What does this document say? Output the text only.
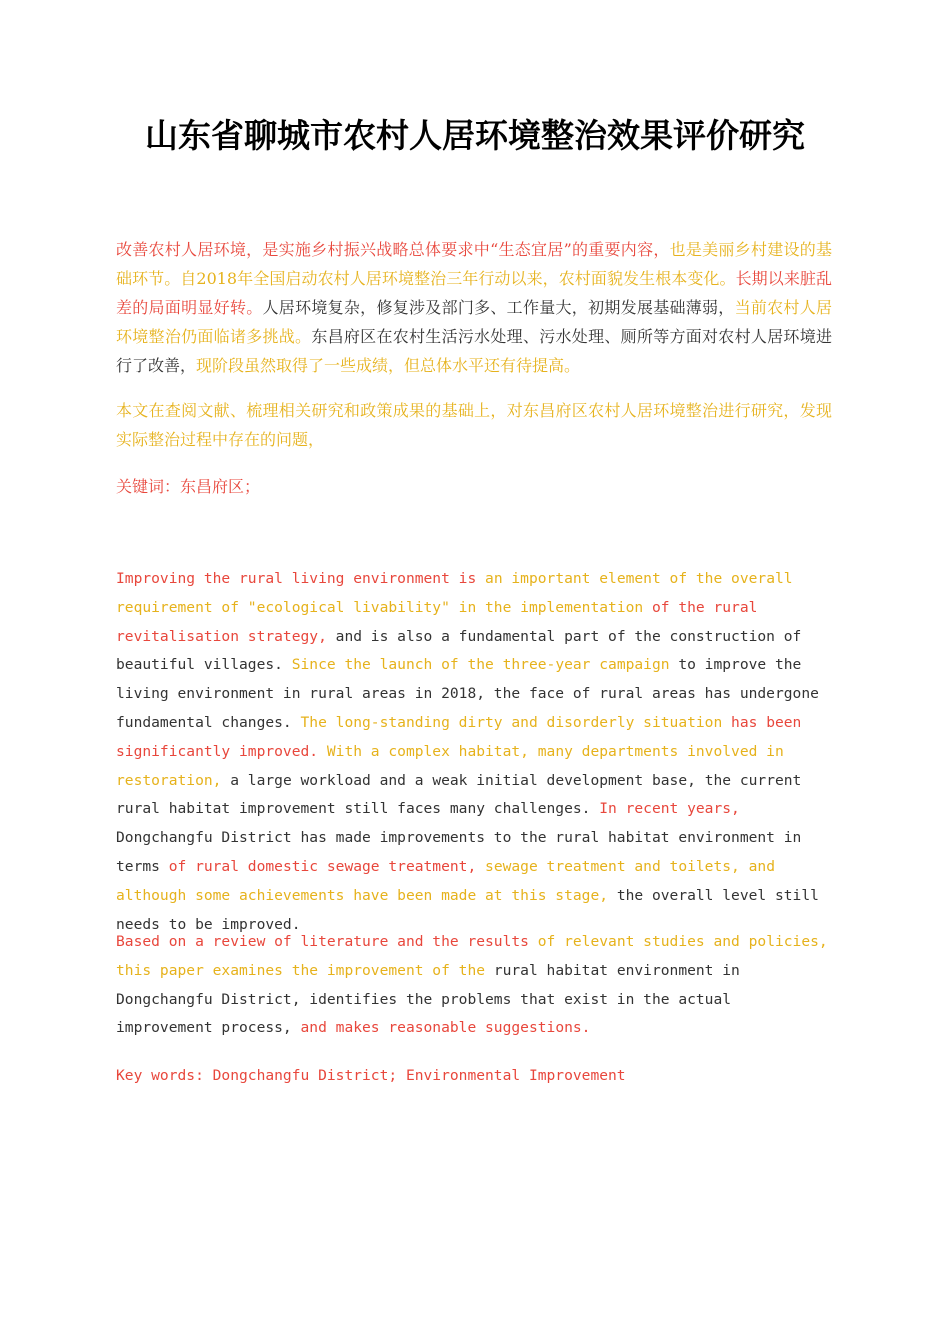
山东省聊城市农村人居环境整治效果评价研究

改善农村人居环境，是实施乡村振兴战略总体要求中“生态宜居”的重要内容，也是美丽乡村建设的基础环节。自2018年全国启动农村人居环境整治三年行动以来，农村面貌发生根本变化。长期以来脏乱差的局面明显好转。人居环境复杂，修复涉及部门多、工作量大，初期发展基础薄弱，当前农村人居环境整治仍面临诸多挑战。东昌府区在农村生活污水处理、污水处理、厕所等方面对农村人居环境进行了改善，现阶段虽然取得了一些成绩，但总体水平还有待提高。

本文在查阅文献、梳理相关研究和政策成果的基础上，对东昌府区农村人居环境整治进行研究，发现实际整治过程中存在的问题，

关键词：东昌府区；

Improving the rural living environment is an important element of the overall requirement of "ecological livability" in the implementation of the rural revitalisation strategy, and is also a fundamental part of the construction of beautiful villages. Since the launch of the three-year campaign to improve the living environment in rural areas in 2018, the face of rural areas has undergone fundamental changes. The long-standing dirty and disorderly situation has been significantly improved. With a complex habitat, many departments involved in restoration, a large workload and a weak initial development base, the current rural habitat improvement still faces many challenges. In recent years, Dongchangfu District has made improvements to the rural habitat environment in terms of rural domestic sewage treatment, sewage treatment and toilets, and although some achievements have been made at this stage, the overall level still needs to be improved.

Based on a review of literature and the results of relevant studies and policies, this paper examines the improvement of the rural habitat environment in Dongchangfu District, identifies the problems that exist in the actual improvement process, and makes reasonable suggestions.

Key words: Dongchangfu District; Environmental Improvement
